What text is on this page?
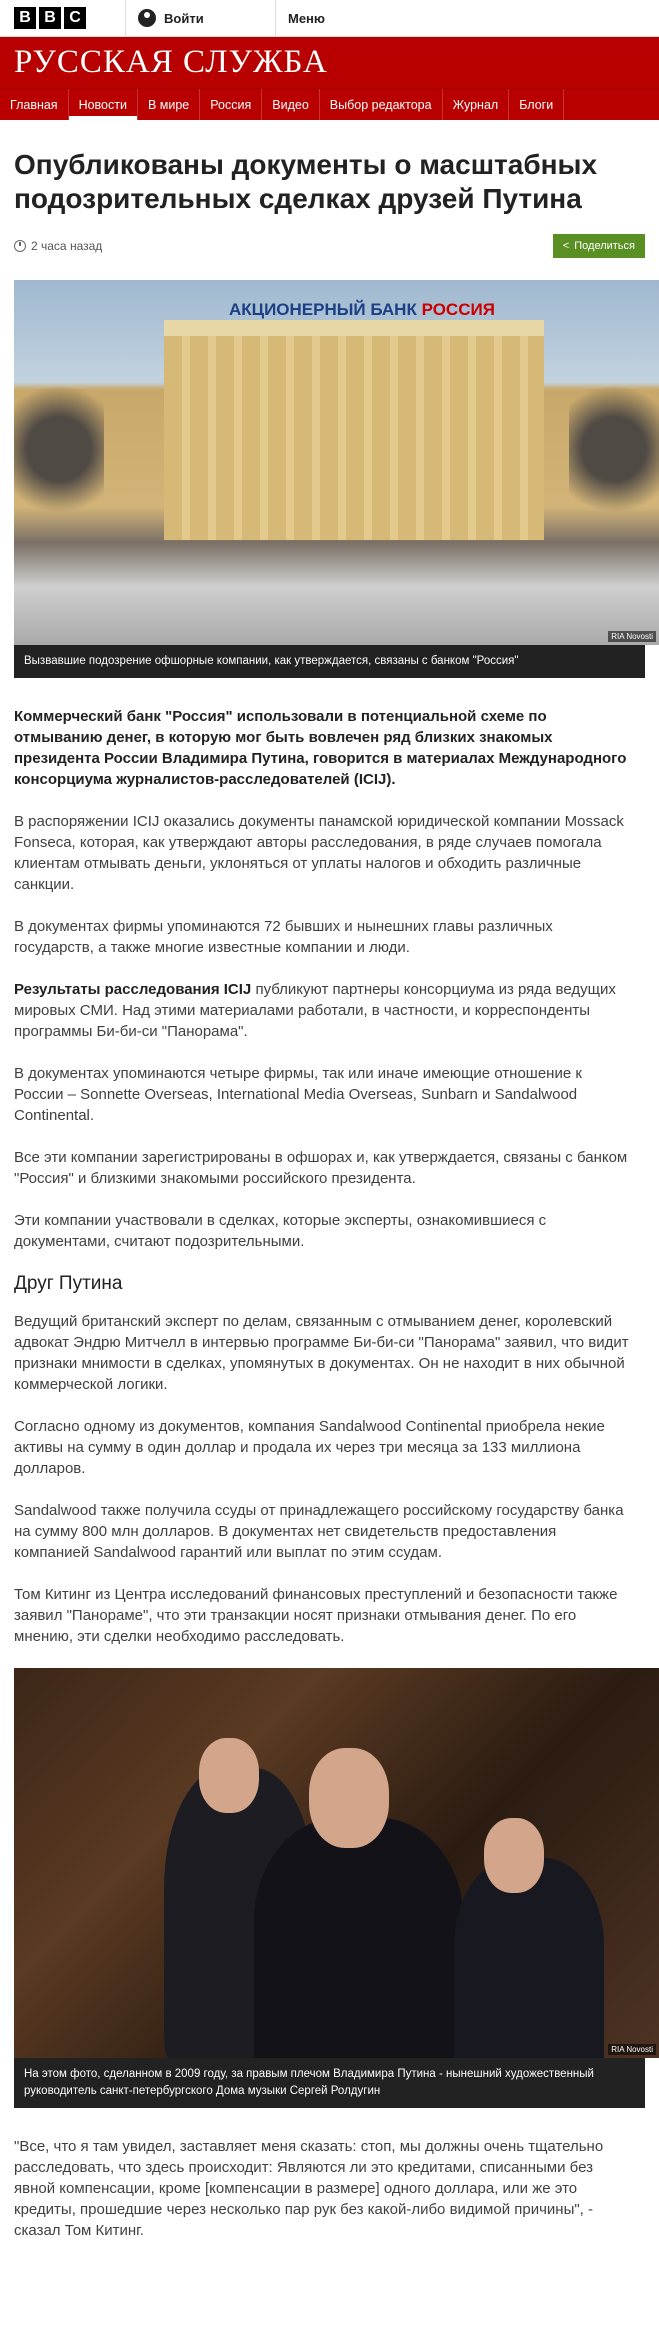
B B C	Войти	Меню
РУССКАЯ СЛУЖБА
Главная	Новости	В мире	Россия	Видео	Выбор редактора	Журнал	Блоги
Опубликованы документы о масштабных подозрительных сделках друзей Путина
2 часа назад	< Поделиться
АКЦИОНЕРНЫЙ БАНК РОССИЯ
RIA Novosti
Вызвавшие подозрение офшорные компании, как утверждается, связаны с банком "Россия"

Коммерческий банк "Россия" использовали в потенциальной схеме по отмыванию денег, в которую мог быть вовлечен ряд близких знакомых президента России Владимира Путина, говорится в материалах Международного консорциума журналистов-расследователей (ICIJ).

В распоряжении ICIJ оказались документы панамской юридической компании Mossack Fonseca, которая, как утверждают авторы расследования, в ряде случаев помогала клиентам отмывать деньги, уклоняться от уплаты налогов и обходить различные санкции.

В документах фирмы упоминаются 72 бывших и нынешних главы различных государств, а также многие известные компании и люди.

Результаты расследования ICIJ публикуют партнеры консорциума из ряда ведущих мировых СМИ. Над этими материалами работали, в частности, и корреспонденты программы Би-би-си "Панорама".

В документах упоминаются четыре фирмы, так или иначе имеющие отношение к России – Sonnette Overseas, International Media Overseas, Sunbarn и Sandalwood Continental.

Все эти компании зарегистрированы в офшорах и, как утверждается, связаны с банком "Россия" и близкими знакомыми российского президента.

Эти компании участвовали в сделках, которые эксперты, ознакомившиеся с документами, считают подозрительными.

Друг Путина

Ведущий британский эксперт по делам, связанным с отмыванием денег, королевский адвокат Эндрю Митчелл в интервью программе Би-би-си "Панорама" заявил, что видит признаки мнимости в сделках, упомянутых в документах. Он не находит в них обычной коммерческой логики.

Согласно одному из документов, компания Sandalwood Continental приобрела некие активы на сумму в один доллар и продала их через три месяца за 133 миллиона долларов.

Sandalwood также получила ссуды от принадлежащего российскому государству банка на сумму 800 млн долларов. В документах нет свидетельств предоставления компанией Sandalwood гарантий или выплат по этим ссудам.

Том Китинг из Центра исследований финансовых преступлений и безопасности также заявил "Панораме", что эти транзакции носят признаки отмывания денег. По его мнению, эти сделки необходимо расследовать.

RIA Novosti
На этом фото, сделанном в 2009 году, за правым плечом Владимира Путина - нынешний художественный руководитель санкт-петербургского Дома музыки Сергей Ролдугин

"Все, что я там увидел, заставляет меня сказать: стоп, мы должны очень тщательно расследовать, что здесь происходит: Являются ли это кредитами, списанными без явной компенсации, кроме [компенсации в размере] одного доллара, или же это кредиты, прошедшие через несколько пар рук без какой-либо видимой причины", - сказал Том Китинг.
